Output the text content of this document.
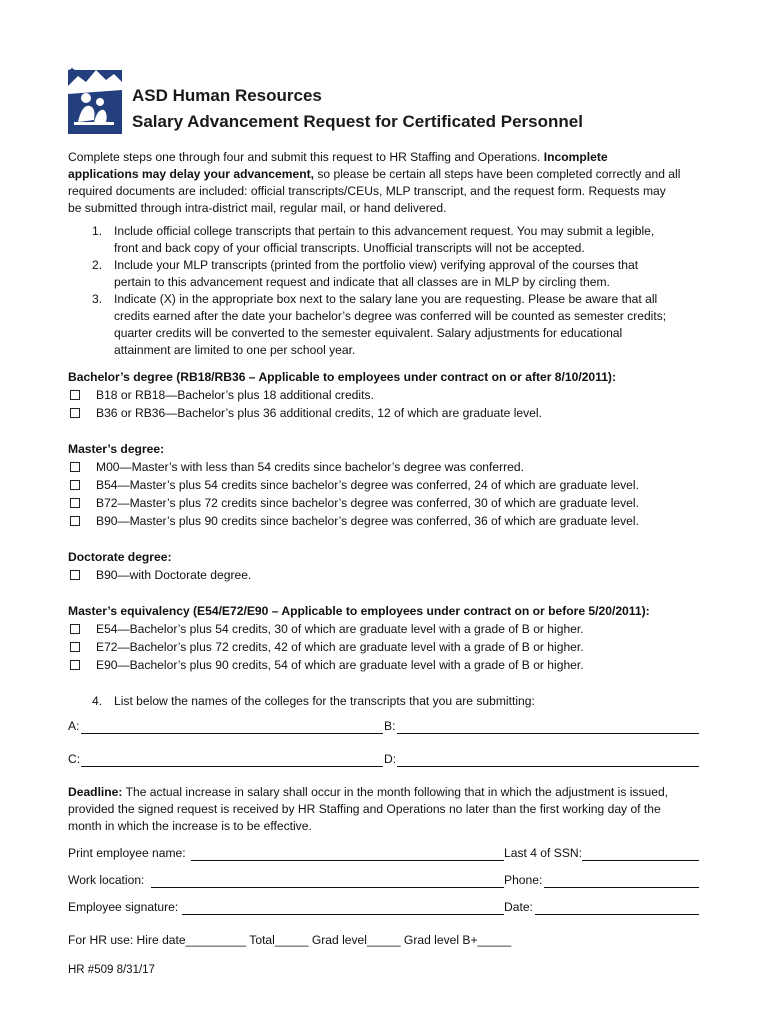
ASD Human Resources
Salary Advancement Request for Certificated Personnel
Complete steps one through four and submit this request to HR Staffing and Operations. Incomplete
applications may delay your advancement, so please be certain all steps have been completed correctly and all
required documents are included: official transcripts/CEUs, MLP transcript, and the request form. Requests may
be submitted through intra-district mail, regular mail, or hand delivered.
1. Include official college transcripts that pertain to this advancement request. You may submit a legible,
front and back copy of your official transcripts. Unofficial transcripts will not be accepted.
2. Include your MLP transcripts (printed from the portfolio view) verifying approval of the courses that
pertain to this advancement request and indicate that all classes are in MLP by circling them.
3. Indicate (X) in the appropriate box next to the salary lane you are requesting. Please be aware that all
credits earned after the date your bachelor’s degree was conferred will be counted as semester credits;
quarter credits will be converted to the semester equivalent. Salary adjustments for educational
attainment are limited to one per school year.
Bachelor’s degree (RB18/RB36 – Applicable to employees under contract on or after 8/10/2011):
B18 or RB18—Bachelor’s plus 18 additional credits.
B36 or RB36—Bachelor’s plus 36 additional credits, 12 of which are graduate level.
Master’s degree:
M00—Master’s with less than 54 credits since bachelor’s degree was conferred.
B54—Master’s plus 54 credits since bachelor’s degree was conferred, 24 of which are graduate level.
B72—Master’s plus 72 credits since bachelor’s degree was conferred, 30 of which are graduate level.
B90—Master’s plus 90 credits since bachelor’s degree was conferred, 36 of which are graduate level.
Doctorate degree:
B90—with Doctorate degree.
Master’s equivalency (E54/E72/E90 – Applicable to employees under contract on or before 5/20/2011):
E54—Bachelor’s plus 54 credits, 30 of which are graduate level with a grade of B or higher.
E72—Bachelor’s plus 72 credits, 42 of which are graduate level with a grade of B or higher.
E90—Bachelor’s plus 90 credits, 54 of which are graduate level with a grade of B or higher.
4. List below the names of the colleges for the transcripts that you are submitting:
A:	B:
C:	D:
Deadline: The actual increase in salary shall occur in the month following that in which the adjustment is issued,
provided the signed request is received by HR Staffing and Operations no later than the first working day of the
month in which the increase is to be effective.
Print employee name:	Last 4 of SSN:
Work location:	Phone:
Employee signature:	Date:
For HR use: Hire date_________ Total_____ Grad level_____ Grad level B+_____
HR #509 8/31/17
